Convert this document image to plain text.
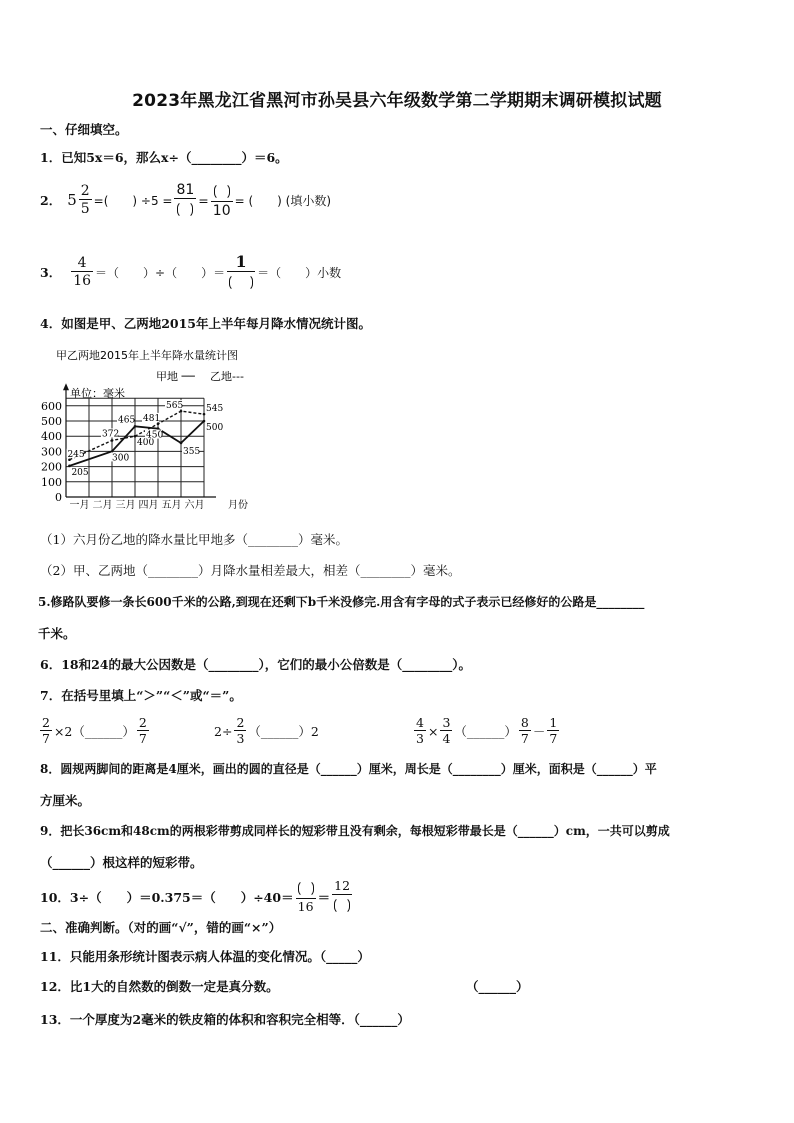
2023年黑龙江省黑河市孙吴县六年级数学第二学期期末调研模拟试题
一、仔细填空。
1．已知5x＝6，那么x÷（________）＝6。
2． $5 \frac{2}{5}$ =(　　) ÷5 =
81
=
10
= (　　) (填小数)
3． $\frac{4}{16}$ ＝（　　）÷（　　）＝
1
＝（　　）小数
4．如图是甲、乙两地2015年上半年每月降水情况统计图。
甲乙两地2015年上半年降水量统计图
甲地 ── 乙地---
单位：毫米
0
100
200
300
400
500
600
一月 二月 三月 四月 五月 六月
245
205
372
300
465
400
481
450
565
355
545
500
月份
（1）六月份乙地的降水量比甲地多（________）毫米。
（2）甲、乙两地（________）月降水量相差最大，相差（________）毫米。
5.修路队要修一条长600千米的公路,到现在还剩下b千米没修完.用含有字母的式子表示已经修好的公路是________
千米。
6．18和24的最大公因数是（________），它们的最小公倍数是（________）。
7．在括号里填上“＞”“＜”或“＝”。
$\frac{2}{7}$ ×2（______） $\frac{2}{7}$	$2\div \frac{2}{3}$ （______）2	$\frac{4}{3} \times \frac{3}{4}$ （______） $\frac{8}{7} - \frac{1}{7}$
8．圆规两脚间的距离是4厘米，画出的圆的直径是（______）厘米，周长是（________）厘米，面积是（______）平
方厘米。
9．把长36cm和48cm的两根彩带剪成同样长的短彩带且没有剩余，每根短彩带最长是（______）cm，一共可以剪成
（______）根这样的短彩带。
10．3÷（　　）＝0.375＝（　　）÷40＝
16
＝
12
二、准确判断。（对的画“√”，错的画“×”）
11．只能用条形统计图表示病人体温的变化情况。（_____）
12．比1大的自然数的倒数一定是真分数。	（______）
13．一个厚度为2毫米的铁皮箱的体积和容积完全相等．（______）
